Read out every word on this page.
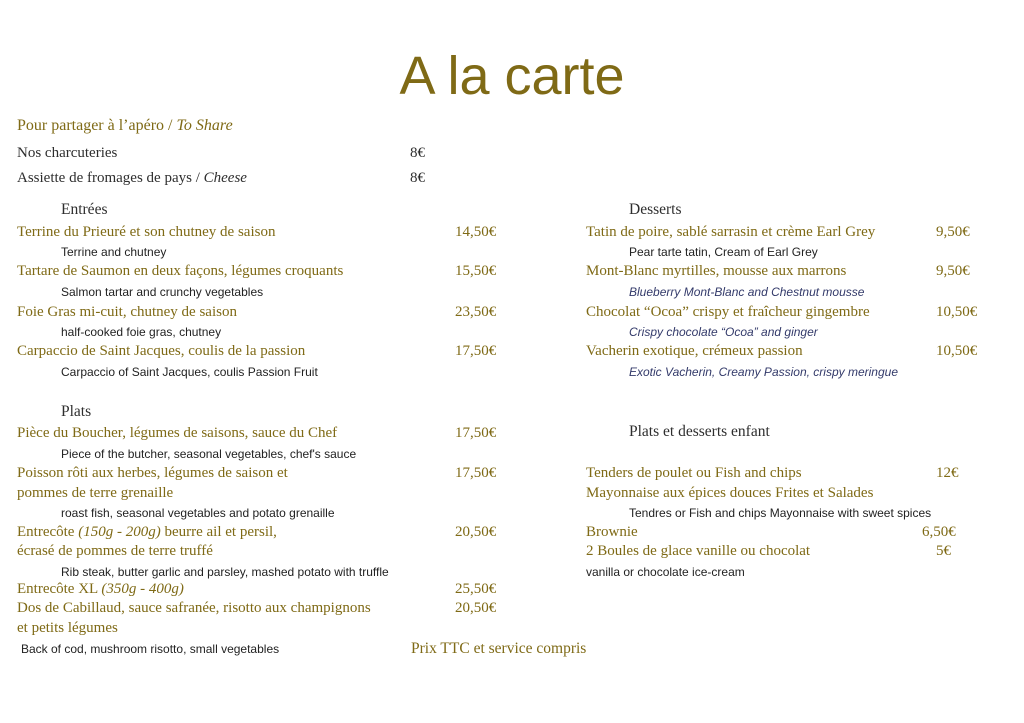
A la carte
Pour partager à l’apéro / To Share
Nos charcuteries	8€
Assiette de fromages de pays / Cheese	8€
Entrées
Terrine du Prieuré et son chutney de saison	14,50€
Terrine and chutney
Tartare de Saumon en deux façons, légumes croquants	15,50€
Salmon tartar and crunchy vegetables
Foie Gras mi-cuit, chutney de saison	23,50€
half-cooked foie gras, chutney
Carpaccio de Saint Jacques, coulis de la passion	17,50€
Carpaccio of Saint Jacques, coulis Passion Fruit
Plats
Pièce du Boucher, légumes de saisons, sauce du Chef	17,50€
Piece of the butcher, seasonal vegetables, chef's sauce
Poisson rôti aux herbes, légumes de saison et	17,50€
pommes de terre grenaille
roast fish, seasonal vegetables and potato grenaille
Entrecôte (150g - 200g) beurre ail et persil,	20,50€
écrasé de pommes de terre truffé
Rib steak, butter garlic and parsley, mashed potato with truffle
Entrecôte XL (350g - 400g)	25,50€
Dos de Cabillaud, sauce safranée, risotto aux champignons	20,50€
et petits légumes
Back of cod, mushroom risotto, small vegetables
Desserts
Tatin de poire, sablé sarrasin et crème Earl Grey	9,50€
Pear tarte tatin, Cream of Earl Grey
Mont-Blanc myrtilles, mousse aux marrons	9,50€
Blueberry Mont-Blanc and Chestnut mousse
Chocolat “Ocoa” crispy et fraîcheur gingembre	10,50€
Crispy chocolate “Ocoa” and ginger
Vacherin exotique, crémeux passion	10,50€
Exotic Vacherin, Creamy Passion, crispy meringue
Plats et desserts enfant
Tenders de poulet ou Fish and chips	12€
Mayonnaise aux épices douces Frites et Salades
Tendres or Fish and chips Mayonnaise with sweet spices
Brownie	6,50€
2 Boules de glace vanille ou chocolat	5€
vanilla or chocolate ice-cream
Prix TTC et service compris
